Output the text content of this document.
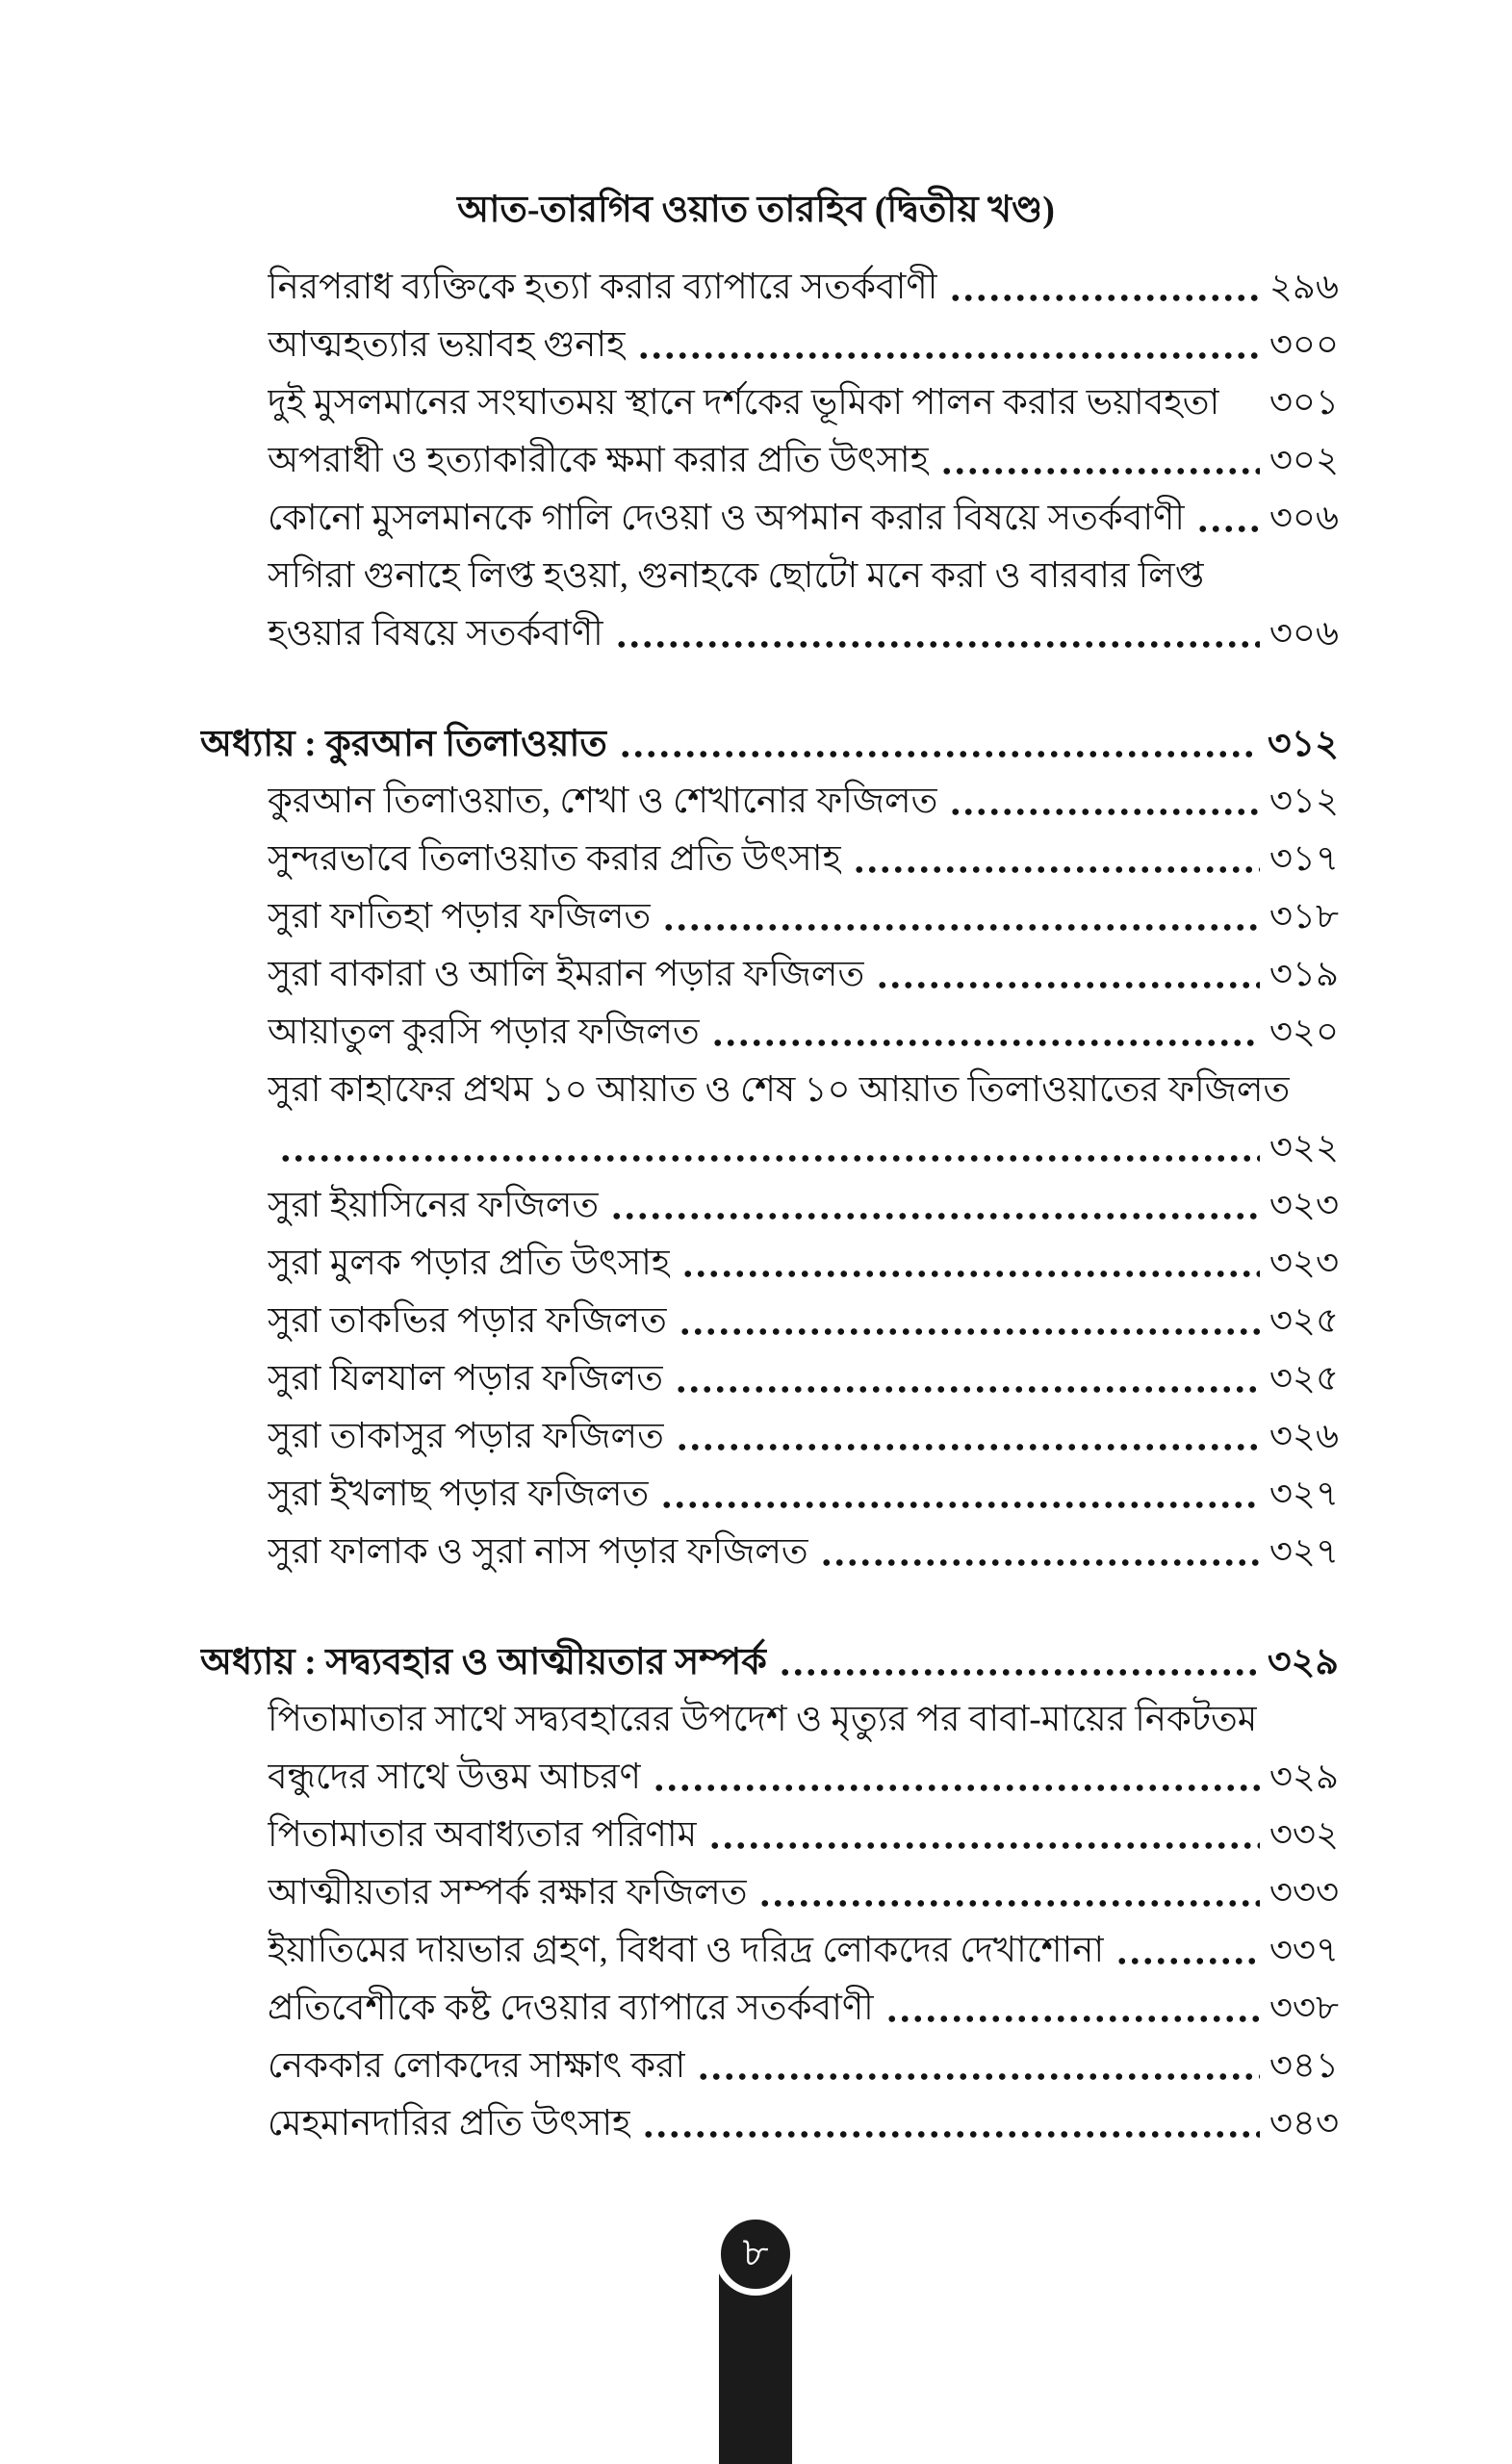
আত-তারগিব ওয়াত তারহিব (দ্বিতীয় খণ্ড)
নিরপরাধ ব্যক্তিকে হত্যা করার ব্যাপারে সতর্কবাণী	২৯৬
আত্মহত্যার ভয়াবহ গুনাহ	৩০০
দুই মুসলমানের সংঘাতময় স্থানে দর্শকের ভূমিকা পালন করার ভয়াবহতা ৩০১
অপরাধী ও হত্যাকারীকে ক্ষমা করার প্রতি উৎসাহ	৩০২
কোনো মুসলমানকে গালি দেওয়া ও অপমান করার বিষয়ে সতর্কবাণী ৩০৬
সগিরা গুনাহে লিপ্ত হওয়া, গুনাহকে ছোটো মনে করা ও বারবার লিপ্ত
হওয়ার বিষয়ে সতর্কবাণী	৩০৬
অধ্যায় : কুরআন তিলাওয়াত	৩১২
কুরআন তিলাওয়াত, শেখা ও শেখানোর ফজিলত	৩১২
সুন্দরভাবে তিলাওয়াত করার প্রতি উৎসাহ	৩১৭
সুরা ফাতিহা পড়ার ফজিলত	৩১৮
সুরা বাকারা ও আলি ইমরান পড়ার ফজিলত	৩১৯
আয়াতুল কুরসি পড়ার ফজিলত	৩২০
সুরা কাহাফের প্রথম ১০ আয়াত ও শেষ ১০ আয়াত তিলাওয়াতের ফজিলত
৩২২
সুরা ইয়াসিনের ফজিলত	৩২৩
সুরা মুলক পড়ার প্রতি উৎসাহ	৩২৩
সুরা তাকভির পড়ার ফজিলত	৩২৫
সুরা যিলযাল পড়ার ফজিলত	৩২৫
সুরা তাকাসুর পড়ার ফজিলত	৩২৬
সুরা ইখলাছ পড়ার ফজিলত	৩২৭
সুরা ফালাক ও সুরা নাস পড়ার ফজিলত	৩২৭
অধ্যায় : সদ্ব্যবহার ও আত্মীয়তার সম্পর্ক	৩২৯
পিতামাতার সাথে সদ্ব্যবহারের উপদেশ ও মৃত্যুর পর বাবা-মায়ের নিকটতম
বন্ধুদের সাথে উত্তম আচরণ	৩২৯
পিতামাতার অবাধ্যতার পরিণাম	৩৩২
আত্মীয়তার সম্পর্ক রক্ষার ফজিলত	৩৩৩
ইয়াতিমের দায়ভার গ্রহণ, বিধবা ও দরিদ্র লোকদের দেখাশোনা	৩৩৭
প্রতিবেশীকে কষ্ট দেওয়ার ব্যাপারে সতর্কবাণী	৩৩৮
নেককার লোকদের সাক্ষাৎ করা	৩৪১
মেহমানদারির প্রতি উৎসাহ	৩৪৩
৮
